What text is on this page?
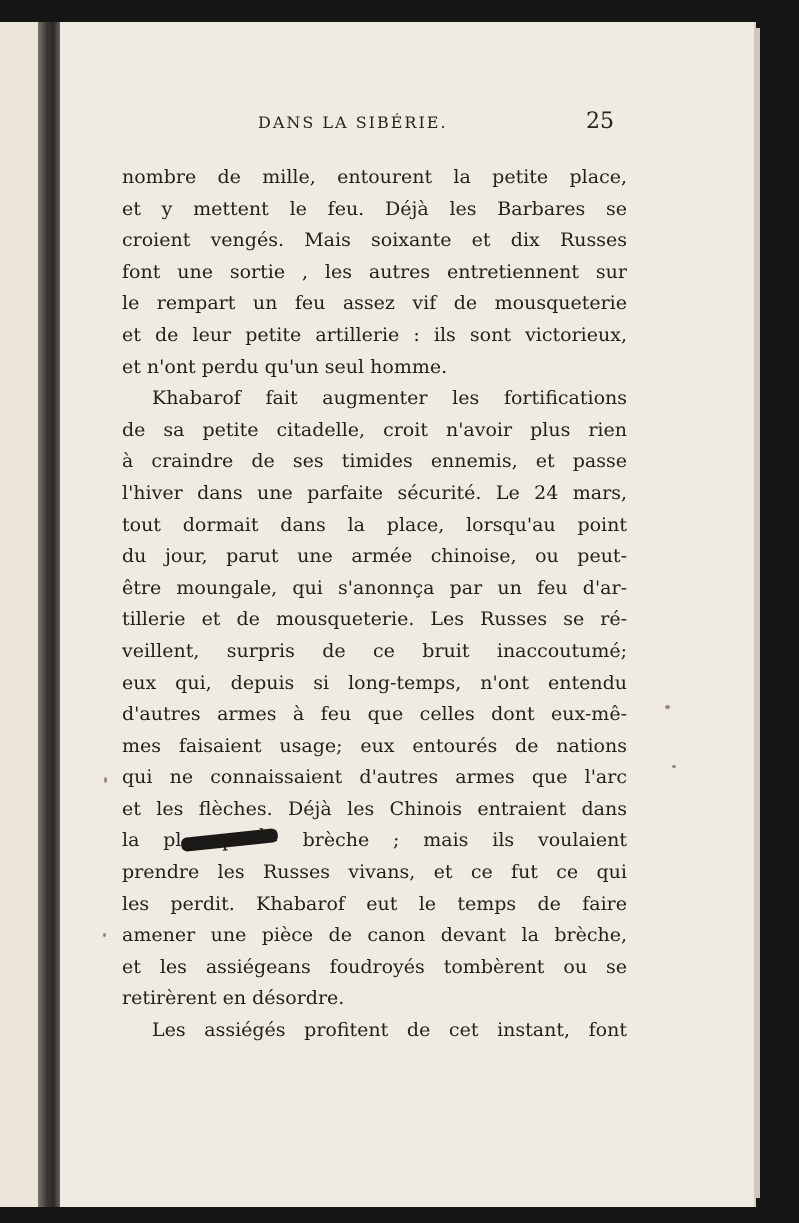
DANS LA SIBÉRIE.	25
nombre de mille, entourent la petite place,
et y mettent le feu. Déjà les Barbares se
croient vengés. Mais soixante et dix Russes
font une sortie , les autres entretiennent sur
le rempart un feu assez vif de mousqueterie
et de leur petite artillerie : ils sont victorieux,
et n'ont perdu qu'un seul homme.
Khabarof fait augmenter les fortifications
de sa petite citadelle, croit n'avoir plus rien
à craindre de ses timides ennemis, et passe
l'hiver dans une parfaite sécurité. Le 24 mars,
tout dormait dans la place, lorsqu'au point
du jour, parut une armée chinoise, ou peut-
être moungale, qui s'anonnça par un feu d'ar-
tillerie et de mousqueterie. Les Russes se ré-
veillent, surpris de ce bruit inaccoutumé;
eux qui, depuis si long-temps, n'ont entendu
d'autres armes à feu que celles dont eux-mê-
mes faisaient usage; eux entourés de nations
qui ne connaissaient d'autres armes que l'arc
et les flèches. Déjà les Chinois entraient dans
la place par la brèche ; mais ils voulaient
prendre les Russes vivans, et ce fut ce qui
les perdit. Khabarof eut le temps de faire
amener une pièce de canon devant la brèche,
et les assiégeans foudroyés tombèrent ou se
retirèrent en désordre.
Les assiégés profitent de cet instant, font
